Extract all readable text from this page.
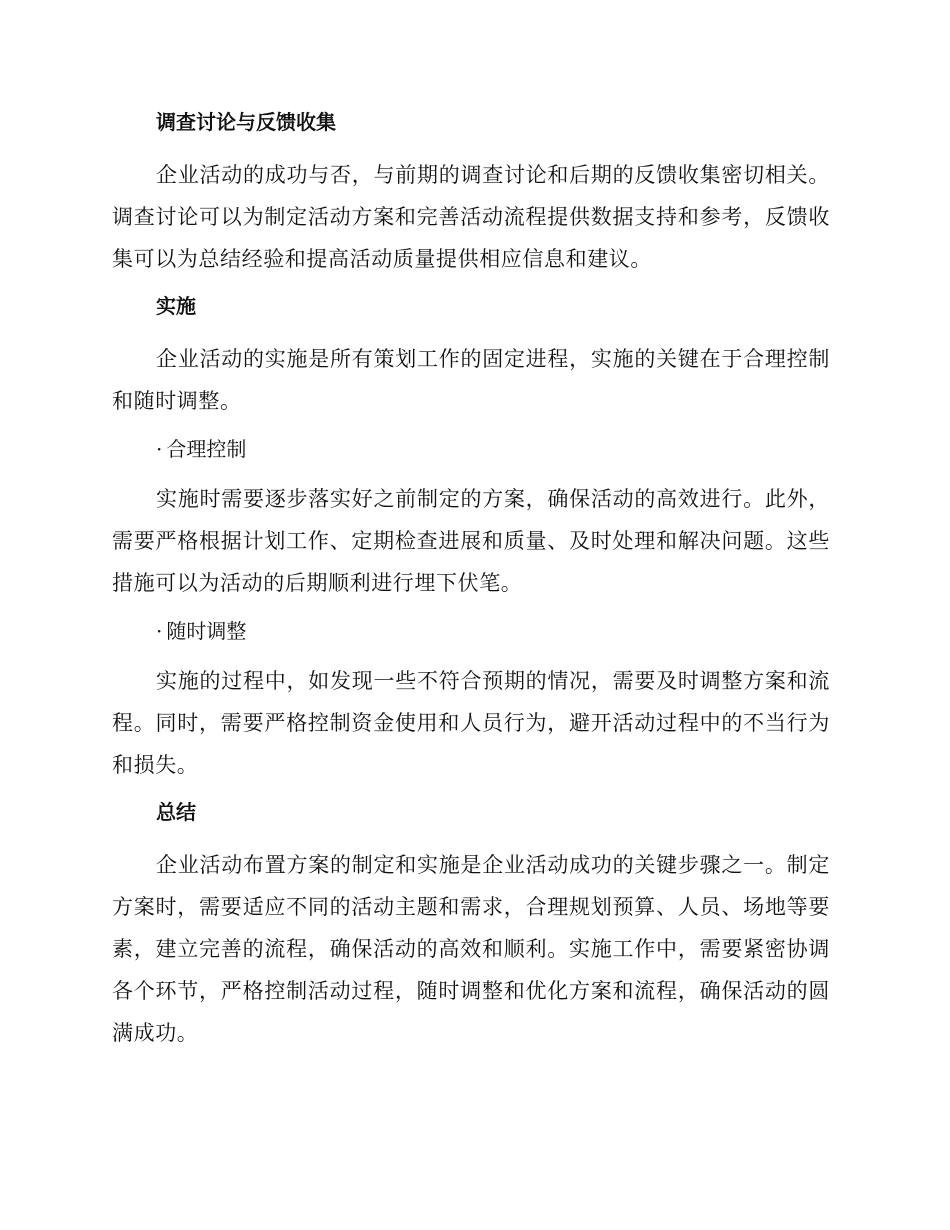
调查讨论与反馈收集

企业活动的成功与否，与前期的调查讨论和后期的反馈收集密切相关。调查讨论可以为制定活动方案和完善活动流程提供数据支持和参考，反馈收集可以为总结经验和提高活动质量提供相应信息和建议。

实施

企业活动的实施是所有策划工作的固定进程，实施的关键在于合理控制和随时调整。

· 合理控制

实施时需要逐步落实好之前制定的方案，确保活动的高效进行。此外，需要严格根据计划工作、定期检查进展和质量、及时处理和解决问题。这些措施可以为活动的后期顺利进行埋下伏笔。

· 随时调整

实施的过程中，如发现一些不符合预期的情况，需要及时调整方案和流程。同时，需要严格控制资金使用和人员行为，避开活动过程中的不当行为和损失。

总结

企业活动布置方案的制定和实施是企业活动成功的关键步骤之一。制定方案时，需要适应不同的活动主题和需求，合理规划预算、人员、场地等要素，建立完善的流程，确保活动的高效和顺利。实施工作中，需要紧密协调各个环节，严格控制活动过程，随时调整和优化方案和流程，确保活动的圆满成功。
